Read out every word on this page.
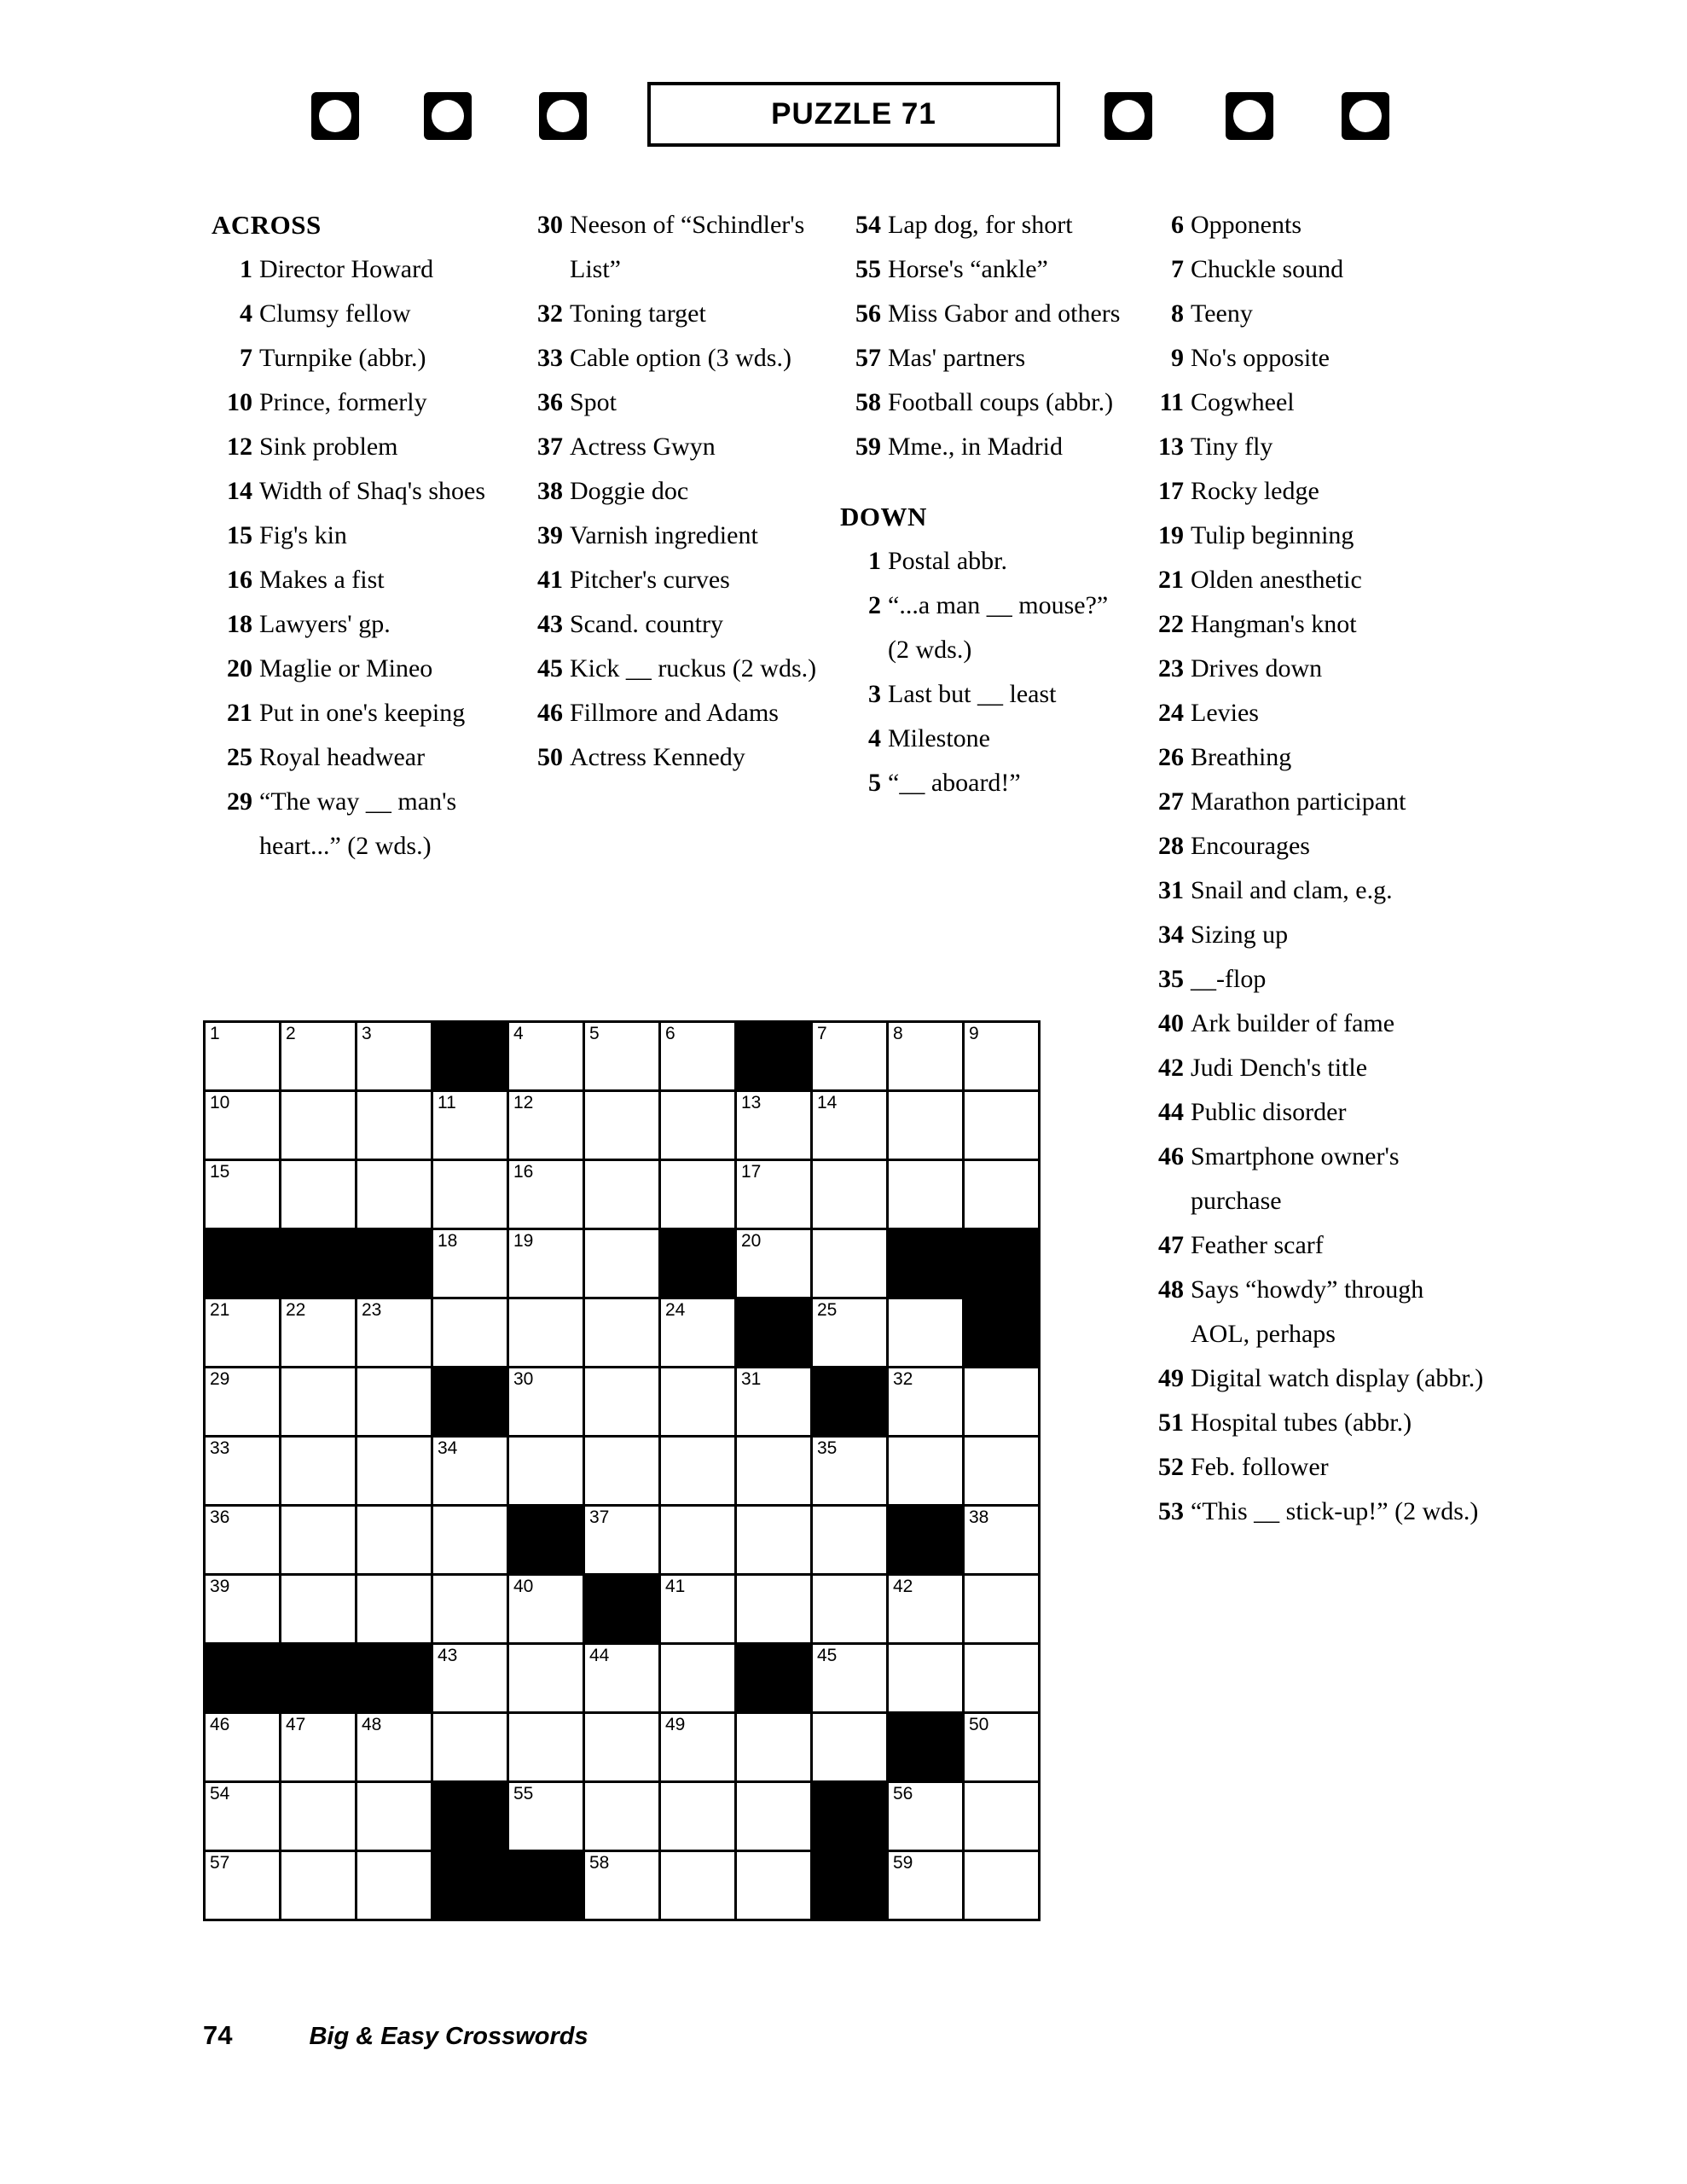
PUZZLE 71
ACROSS
1 Director Howard
4 Clumsy fellow
7 Turnpike (abbr.)
10 Prince, formerly
12 Sink problem
14 Width of Shaq's shoes
15 Fig's kin
16 Makes a fist
18 Lawyers' gp.
20 Maglie or Mineo
21 Put in one's keeping
25 Royal headwear
29 “The way __ man's heart...” (2 wds.)
30 Neeson of “Schindler's List”
32 Toning target
33 Cable option (3 wds.)
36 Spot
37 Actress Gwyn
38 Doggie doc
39 Varnish ingredient
41 Pitcher's curves
43 Scand. country
45 Kick __ ruckus (2 wds.)
46 Fillmore and Adams
50 Actress Kennedy
54 Lap dog, for short
55 Horse's “ankle”
56 Miss Gabor and others
57 Mas' partners
58 Football coups (abbr.)
59 Mme., in Madrid
DOWN
1 Postal abbr.
2 “...a man __ mouse?” (2 wds.)
3 Last but __ least
4 Milestone
5 “__ aboard!”
6 Opponents
7 Chuckle sound
8 Teeny
9 No's opposite
11 Cogwheel
13 Tiny fly
17 Rocky ledge
19 Tulip beginning
21 Olden anesthetic
22 Hangman's knot
23 Drives down
24 Levies
26 Breathing
27 Marathon participant
28 Encourages
31 Snail and clam, e.g.
34 Sizing up
35 __-flop
40 Ark builder of fame
42 Judi Dench's title
44 Public disorder
46 Smartphone owner's purchase
47 Feather scarf
48 Says “howdy” through AOL, perhaps
49 Digital watch display (abbr.)
51 Hospital tubes (abbr.)
52 Feb. follower
53 “This __ stick-up!” (2 wds.)
1	2	3		4	5	6		7	8	9

10			11	12			13	14		

15				16			17			

			18	19			20			

21	22	23				24		25		

29				30			31		32	

33			34					35		

36					37					38

39				40		41			42	

			43		44			45		

46	47	48				49				50

54				55					56	

57					58				59	

74	Big & Easy Crosswords
